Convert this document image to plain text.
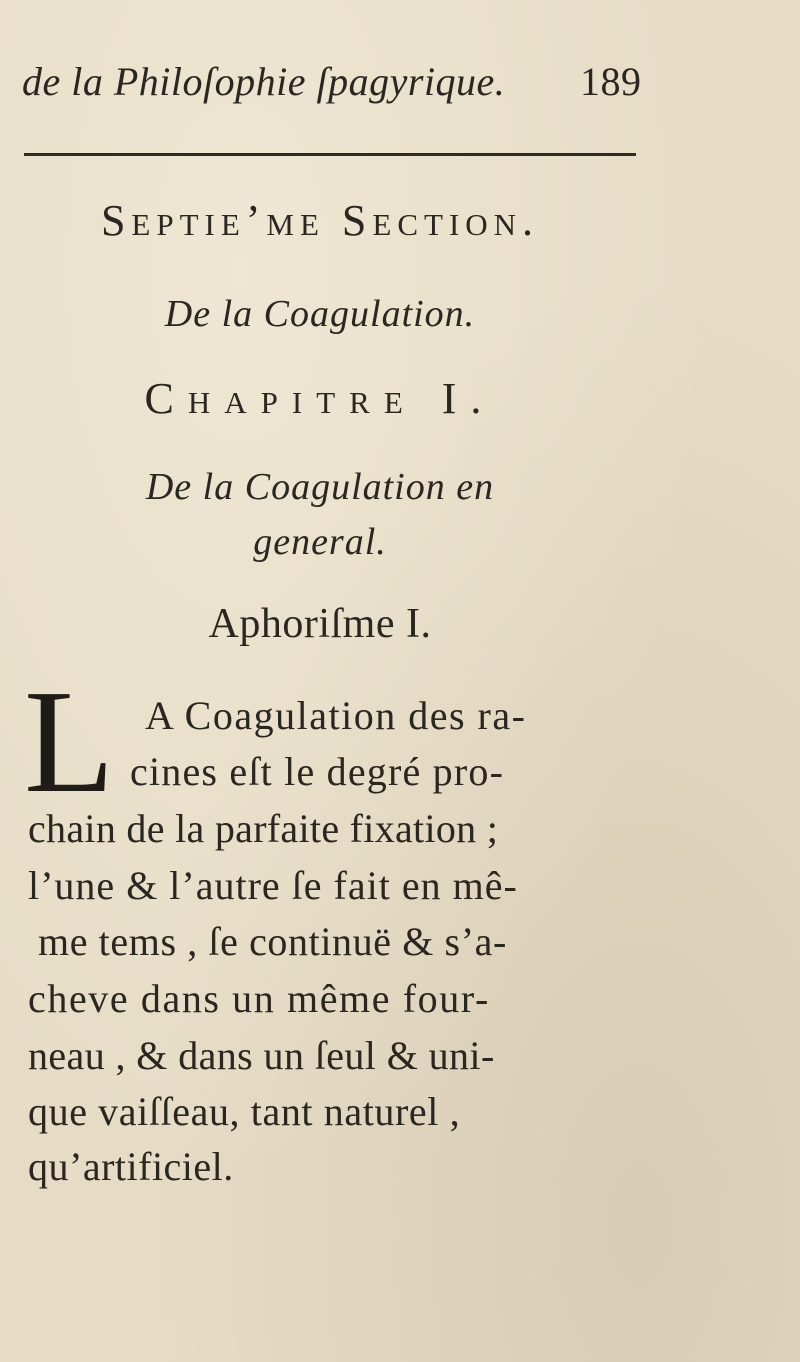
de la Philoſophie ſpagyrique. 189
Septie’me Section.
De la Coagulation.
Chapitre I.
De la Coagulation en
general.
Aphoriſme I.
L A Coagulation des ra-
cines eſt le degré pro-
chain de la parfaite fixation ;
l’une & l’autre ſe fait en mê-
me tems , ſe continuë & s’a-
cheve dans un même four-
neau , & dans un ſeul & uni-
que vaiſſeau, tant naturel ,
qu’artificiel.
